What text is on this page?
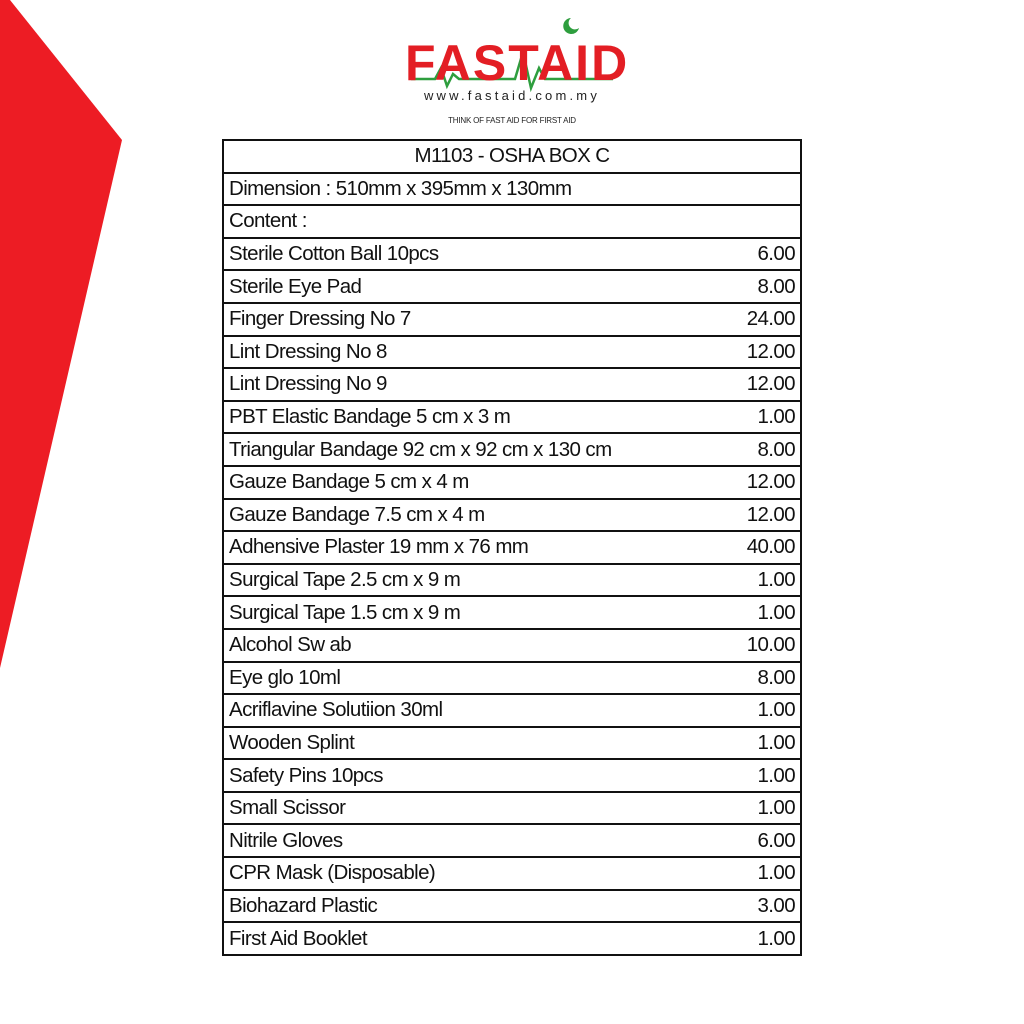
FASTAID
www.fastaid.com.my
THINK OF FAST AID FOR FIRST AID
M1103 - OSHA BOX C	
Dimension : 510mm x 395mm x 130mm	
Content :	
Sterile Cotton Ball 10pcs	6.00
Sterile Eye Pad	8.00
Finger Dressing No 7	24.00
Lint Dressing No 8	12.00
Lint Dressing No 9	12.00
PBT Elastic Bandage 5 cm x 3 m	1.00
Triangular Bandage 92 cm x 92 cm x 130 cm	8.00
Gauze Bandage 5 cm x 4 m	12.00
Gauze Bandage 7.5 cm x 4 m	12.00
Adhensive Plaster 19 mm x 76 mm	40.00
Surgical Tape 2.5 cm x 9 m	1.00
Surgical Tape 1.5 cm x 9 m	1.00
Alcohol Sw ab	10.00
Eye glo 10ml	8.00
Acriflavine Solutiion 30ml	1.00
Wooden Splint	1.00
Safety Pins 10pcs	1.00
Small Scissor	1.00
Nitrile Gloves	6.00
CPR Mask (Disposable)	1.00
Biohazard Plastic	3.00
First Aid Booklet	1.00
